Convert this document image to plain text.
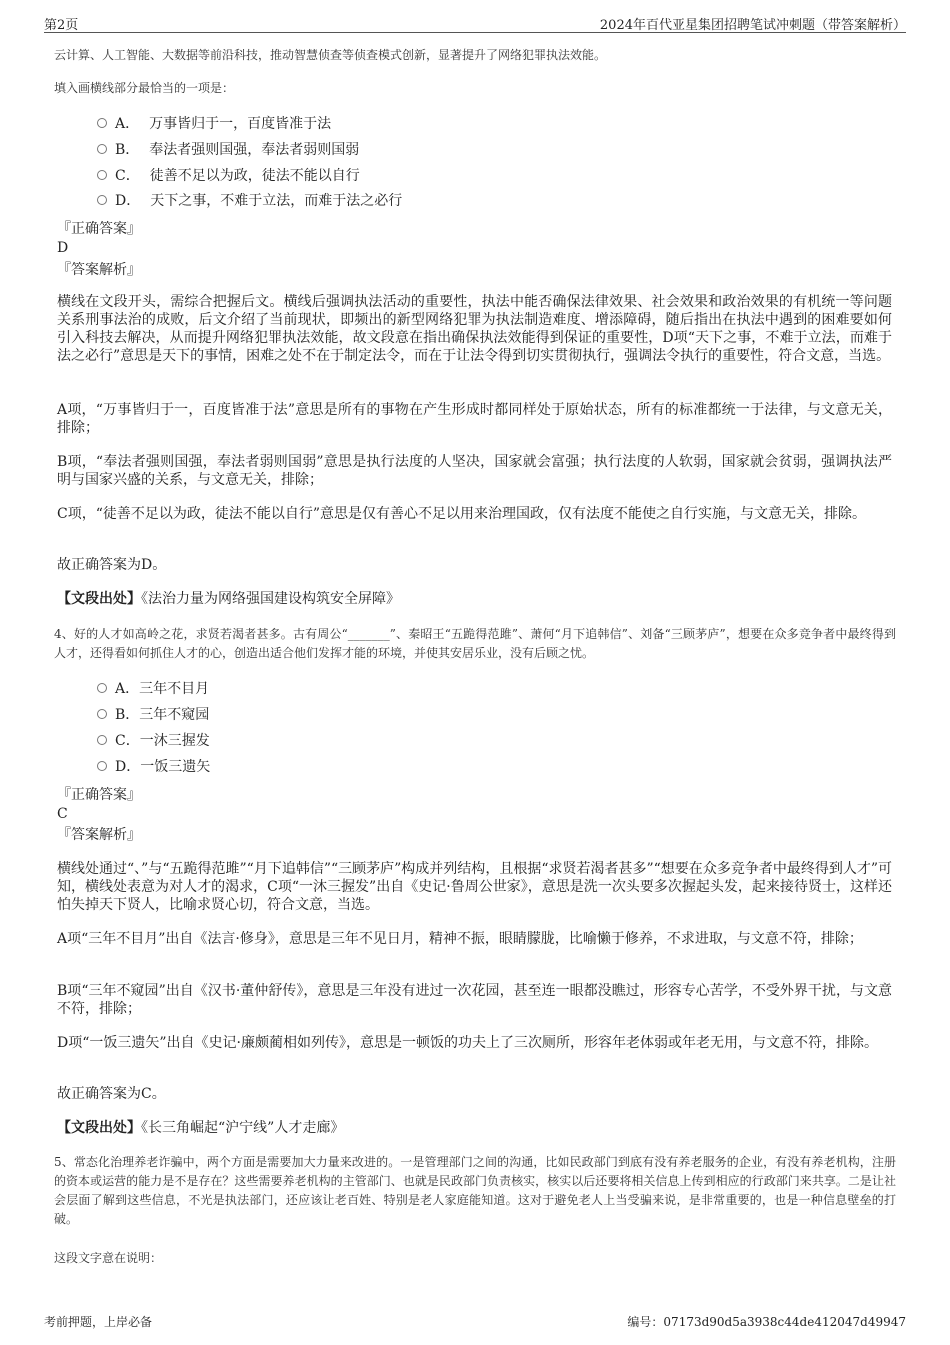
第2页	2024年百代亚星集团招聘笔试冲刺题（带答案解析）
云计算、人工智能、大数据等前沿科技，推动智慧侦查等侦查模式创新，显著提升了网络犯罪执法效能。
填入画横线部分最恰当的一项是：
A． 万事皆归于一，百度皆准于法
B． 奉法者强则国强，奉法者弱则国弱
C． 徒善不足以为政，徒法不能以自行
D． 天下之事，不难于立法，而难于法之必行
『正确答案』
D
『答案解析』
横线在文段开头，需综合把握后文。横线后强调执法活动的重要性，执法中能否确保法律效果、社会效果和政治效果的有机统一等问题关系刑事法治的成败，后文介绍了当前现状，即频出的新型网络犯罪为执法制造难度、增添障碍，随后指出在执法中遇到的困难要如何引入科技去解决，从而提升网络犯罪执法效能，故文段意在指出确保执法效能得到保证的重要性，D项“天下之事，不难于立法，而难于法之必行”意思是天下的事情，困难之处不在于制定法令，而在于让法令得到切实贯彻执行，强调法令执行的重要性，符合文意，当选。
A项，“万事皆归于一，百度皆准于法”意思是所有的事物在产生形成时都同样处于原始状态，所有的标准都统一于法律，与文意无关，排除；
B项，“奉法者强则国强，奉法者弱则国弱”意思是执行法度的人坚决，国家就会富强；执行法度的人软弱，国家就会贫弱，强调执法严明与国家兴盛的关系，与文意无关，排除；
C项，“徒善不足以为政，徒法不能以自行”意思是仅有善心不足以用来治理国政，仅有法度不能使之自行实施，与文意无关，排除。
故正确答案为D。
【文段出处】《法治力量为网络强国建设构筑安全屏障》
4、好的人才如高岭之花，求贤若渴者甚多。古有周公“_______”、秦昭王“五跪得范雎”、萧何“月下追韩信”、刘备“三顾茅庐”，想要在众多竞争者中最终得到人才，还得看如何抓住人才的心，创造出适合他们发挥才能的环境，并使其安居乐业，没有后顾之忧。
A．三年不目月
B．三年不窥园
C．一沐三握发
D．一饭三遗矢
『正确答案』
C
『答案解析』
横线处通过“、”与“五跪得范雎”“月下追韩信”“三顾茅庐”构成并列结构，且根据“求贤若渴者甚多”“想要在众多竞争者中最终得到人才”可知，横线处表意为对人才的渴求，C项“一沐三握发”出自《史记·鲁周公世家》，意思是洗一次头要多次握起头发，起来接待贤士，这样还怕失掉天下贤人，比喻求贤心切，符合文意，当选。
A项“三年不目月”出自《法言·修身》，意思是三年不见日月，精神不振，眼睛朦胧，比喻懒于修养，不求进取，与文意不符，排除；
B项“三年不窥园”出自《汉书·董仲舒传》，意思是三年没有进过一次花园，甚至连一眼都没瞧过，形容专心苦学，不受外界干扰，与文意不符，排除；
D项“一饭三遗矢”出自《史记·廉颇蔺相如列传》，意思是一顿饭的功夫上了三次厕所，形容年老体弱或年老无用，与文意不符，排除。
故正确答案为C。
【文段出处】《长三角崛起“沪宁线”人才走廊》
5、常态化治理养老诈骗中，两个方面是需要加大力量来改进的。一是管理部门之间的沟通，比如民政部门到底有没有养老服务的企业，有没有养老机构，注册的资本或运营的能力是不是存在？这些需要养老机构的主管部门、也就是民政部门负责核实，核实以后还要将相关信息上传到相应的行政部门来共享。二是让社会层面了解到这些信息，不光是执法部门，还应该让老百姓、特别是老人家庭能知道。这对于避免老人上当受骗来说，是非常重要的，也是一种信息壁垒的打破。
这段文字意在说明：
考前押题，上岸必备	编号：07173d90d5a3938c44de412047d49947
